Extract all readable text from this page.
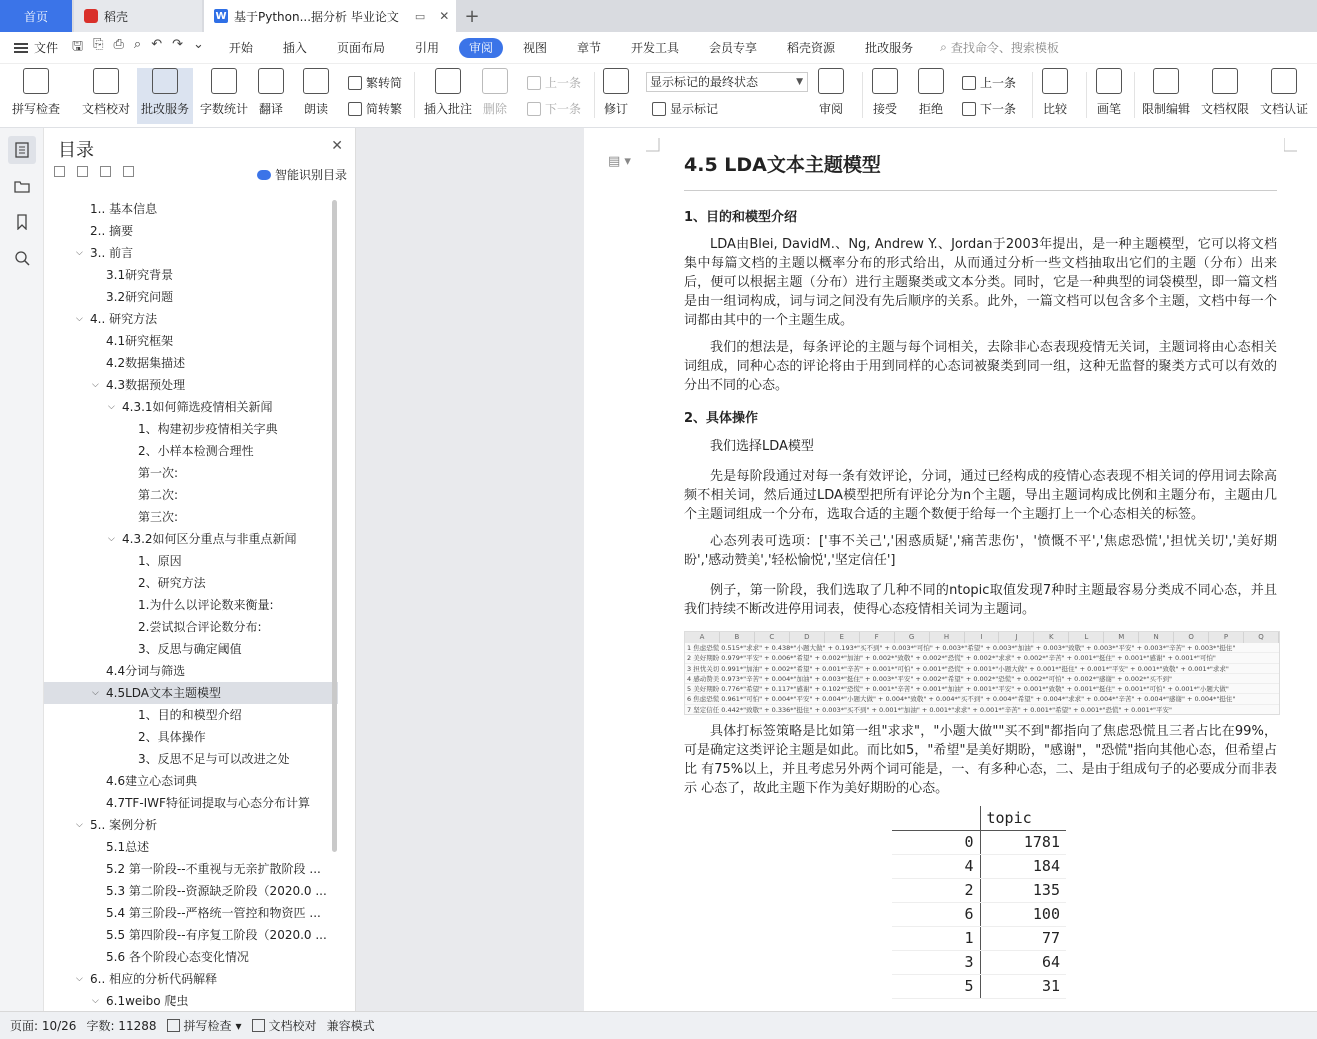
首页	稻壳	W 基于Python...据分析 毕业论文 ▭ ✕ +
文件 🖫 ⎘ ⎙ ⌕ ↶ ↷ ⌄	开始	插入	页面布局	引用	审阅	视图	章节	开发工具	会员专享	稻壳资源	批改服务	⌕ 查找命令、搜索模板
拼写检查 文档校对 批改服务 字数统计 翻译 朗读
繁转简
简转繁 插入批注 删除
上一条
下一条 修订
显示标记的最终状态	▼
显示标记	审阅 接受 拒绝
上一条
下一条 比较 画笔 限制编辑 文档权限 文档认证
目录	✕
智能识别目录
1.. 基本信息
2.. 摘要
⌵ 3.. 前言
3.1研究背景
3.2研究问题
⌵ 4.. 研究方法
4.1研究框架
4.2数据集描述
⌵ 4.3数据预处理
⌵ 4.3.1如何筛选疫情相关新闻
1、构建初步疫情相关字典
2、小样本检测合理性
第一次:
第二次:
第三次:
⌵ 4.3.2如何区分重点与非重点新闻
1、原因
2、研究方法
1.为什么以评论数来衡量:
2.尝试拟合评论数分布:
3、反思与确定阈值
4.4分词与筛选
⌵ 4.5LDA文本主题模型
1、目的和模型介绍
2、具体操作
3、反思不足与可以改进之处
4.6建立心态词典
4.7TF-IWF特征词提取与心态分布计算
⌵ 5.. 案例分析
5.1总述
5.2 第一阶段--不重视与无亲扩散阶段 ...
5.3 第二阶段--资源缺乏阶段（2020.0 ...
5.4 第三阶段--严格统一管控和物资匹 ...
5.5 第四阶段--有序复工阶段（2020.0 ...
5.6 各个阶段心态变化情况
⌵ 6.. 相应的分析代码解释
⌵ 6.1weibo 爬虫
▤ ▾	4.5 LDA文本主题模型
1、目的和模型介绍
LDA由Blei, DavidM.、Ng, Andrew Y.、Jordan于2003年提出，是一种主题模型，它可以将文档集中每篇文档的主题以概率分布的形式给出，从而通过分析一些文档抽取出它们的主题（分布）出来后，便可以根据主题（分布）进行主题聚类或文本分类。同时，它是一种典型的词袋模型，即一篇文档是由一组词构成，词与词之间没有先后顺序的关系。此外，一篇文档可以包含多个主题，文档中每一个词都由其中的一个主题生成。
我们的想法是，每条评论的主题与每个词相关，去除非心态表现疫情无关词，主题词将由心态相关词组成，同种心态的评论将由于用到同样的心态词被聚类到同一组，这种无监督的聚类方式可以有效的分出不同的心态。
2、具体操作
我们选择LDA模型
先是每阶段通过对每一条有效评论，分词，通过已经构成的疫情心态表现不相关词的停用词去除高频不相关词，然后通过LDA模型把所有评论分为n个主题，导出主题词构成比例和主题分布，主题由几个主题词组成一个分布，选取合适的主题个数便于给每一个主题打上一个心态相关的标签。
心态列表可选项：['事不关己','困惑质疑','痛苦悲伤'，'愤慨不平','焦虑恐慌','担忧关切','美好期盼','感动赞美','轻松愉悦','坚定信任']
例子，第一阶段，我们选取了几种不同的ntopic取值发现7种时主题最容易分类成不同心态，并且我们持续不断改进停用词表，使得心态疫情相关词为主题词。
A	B	C	D	E	F	G	H	I	J	K	L	M	N	O	P	Q
1 焦虑恐慌 0.515*"求求" + 0.438*"小题大做" + 0.193*"买不到" + 0.003*"可怕" + 0.003*"希望" + 0.003*"加油" + 0.003*"致敬" + 0.003*"平安" + 0.003*"辛苦" + 0.003*"挺住"
2 美好期盼 0.979*"平安" + 0.006*"希望" + 0.002*"加油" + 0.002*"致敬" + 0.002*"恐慌" + 0.002*"求求" + 0.002*"辛苦" + 0.001*"挺住" + 0.001*"感谢" + 0.001*"可怕"
3 担忧关切 0.991*"加油" + 0.002*"希望" + 0.001*"辛苦" + 0.001*"可怕" + 0.001*"恐慌" + 0.001*"小题大做" + 0.001*"挺住" + 0.001*"平安" + 0.001*"致敬" + 0.001*"求求"
4 感动赞美 0.973*"辛苦" + 0.004*"加油" + 0.003*"挺住" + 0.003*"平安" + 0.002*"希望" + 0.002*"恐慌" + 0.002*"可怕" + 0.002*"感谢" + 0.002*"买不到"
5 美好期盼 0.776*"希望" + 0.117*"感谢" + 0.102*"恐慌" + 0.001*"辛苦" + 0.001*"加油" + 0.001*"平安" + 0.001*"致敬" + 0.001*"挺住" + 0.001*"可怕" + 0.001*"小题大做"
6 焦虑恐慌 0.961*"可怕" + 0.004*"平安" + 0.004*"小题大做" + 0.004*"致敬" + 0.004*"买不到" + 0.004*"希望" + 0.004*"求求" + 0.004*"辛苦" + 0.004*"感谢" + 0.004*"挺住"
7 坚定信任 0.442*"致敬" + 0.336*"挺住" + 0.003*"买不到" + 0.001*"加油" + 0.001*"求求" + 0.001*"辛苦" + 0.001*"希望" + 0.001*"恐慌" + 0.001*"平安"
具体打标签策略是比如第一组"求求"，"小题大做""买不到"都指向了焦虑恐慌且三者占比在99%，可是确定这类评论主题是如此。而比如5，"希望"是美好期盼，"感谢"，"恐慌"指向其他心态，但希望占比 有75%以上，并且考虑另外两个词可能是，一、有多种心态，二、是由于组成句子的必要成分而非表示 心态了，故此主题下作为美好期盼的心态。
	topic
0	1781
4	184
2	135
6	100
1	77
3	64
5	31
页面: 10/26 字数: 11288 拼写检查 ▾ 文档校对 兼容模式
